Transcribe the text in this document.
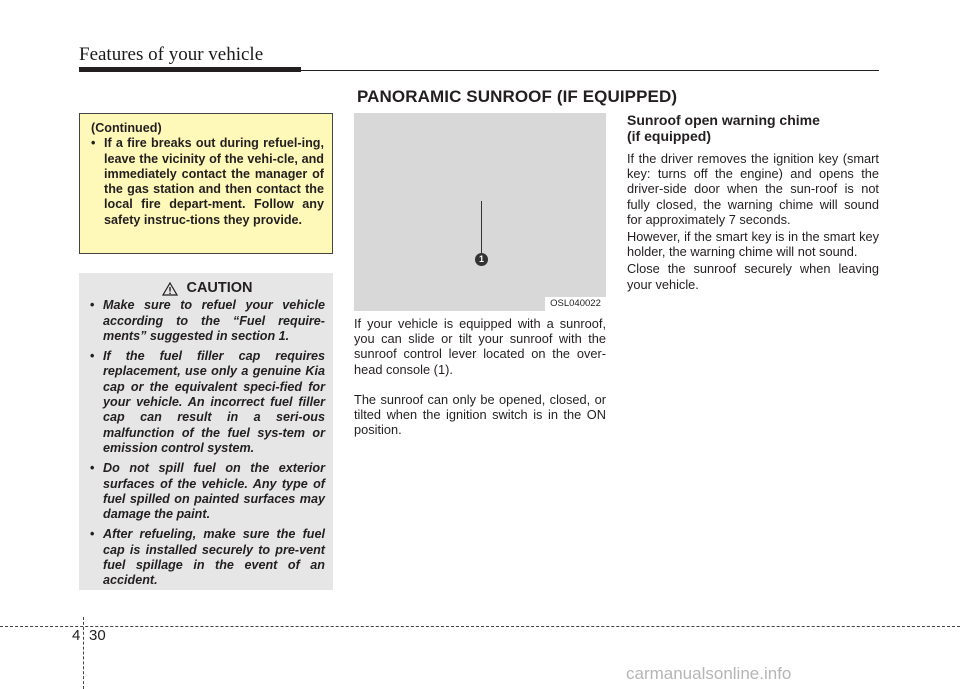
Features of your vehicle
PANORAMIC SUNROOF (IF EQUIPPED)
(Continued)
• If a fire breaks out during refuel-ing, leave the vicinity of the vehi-cle, and immediately contact the manager of the gas station and then contact the local fire depart-ment. Follow any safety instruc-tions they provide.
CAUTION
• Make sure to refuel your vehicle according to the “Fuel require-ments” suggested in section 1.
• If the fuel filler cap requires replacement, use only a genuine Kia cap or the equivalent speci-fied for your vehicle. An incorrect fuel filler cap can result in a seri-ous malfunction of the fuel sys-tem or emission control system.
• Do not spill fuel on the exterior surfaces of the vehicle. Any type of fuel spilled on painted surfaces may damage the paint.
• After refueling, make sure the fuel cap is installed securely to pre-vent fuel spillage in the event of an accident.
1
OSL040022

If your vehicle is equipped with a sunroof, you can slide or tilt your sunroof with the sunroof control lever located on the over-head console (1).

The sunroof can only be opened, closed, or tilted when the ignition switch is in the ON position.

Sunroof open warning chime
(if equipped)

If the driver removes the ignition key (smart key: turns off the engine) and opens the driver-side door when the sun-roof is not fully closed, the warning chime will sound for approximately 7 seconds.

However, if the smart key is in the smart key holder, the warning chime will not sound.

Close the sunroof securely when leaving your vehicle.

4 30
carmanualsonline.info
